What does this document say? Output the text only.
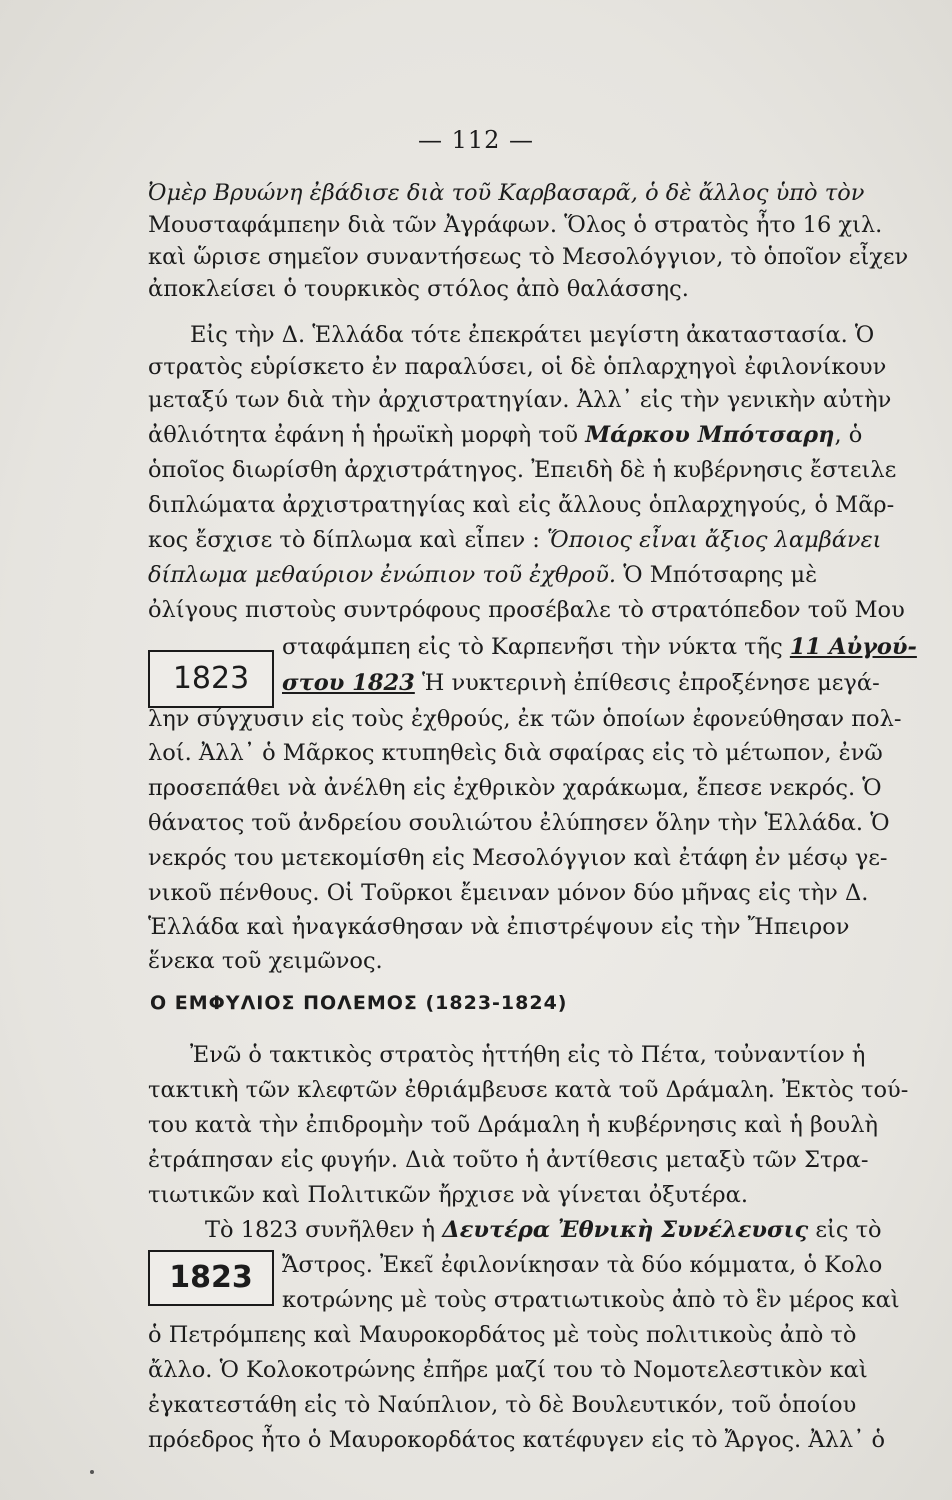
— 112 —
Ὀμὲρ Βρυώνη ἐβάδισε διὰ τοῦ Καρβασαρᾶ, ὁ δὲ ἄλλος ὑπὸ τὸν
Μουσταφάμπεην διὰ τῶν Ἀγράφων. Ὅλος ὁ στρατὸς ἦτο 16 χιλ.
καὶ ὥρισε σημεῖον συναντήσεως τὸ Μεσολόγγιον, τὸ ὁποῖον εἶχεν
ἀποκλείσει ὁ τουρκικὸς στόλος ἀπὸ θαλάσσης.
Εἰς τὴν Δ. Ἑλλάδα τότε ἐπεκράτει μεγίστη ἀκαταστασία. Ὁ
στρατὸς εὑρίσκετο ἐν παραλύσει, οἱ δὲ ὁπλαρχηγοὶ ἐφιλονίκουν
μεταξύ των διὰ τὴν ἀρχιστρατηγίαν. Ἀλλ᾽ εἰς τὴν γενικὴν αὐτὴν
ἀθλιότητα ἐφάνη ἡ ἡρωϊκὴ μορφὴ τοῦ Μάρκου Μπότσαρη, ὁ
ὁποῖος διωρίσθη ἀρχιστράτηγος. Ἐπειδὴ δὲ ἡ κυβέρνησις ἔστειλε
διπλώματα ἀρχιστρατηγίας καὶ εἰς ἄλλους ὁπλαρχηγούς, ὁ Μᾶρ-
κος ἔσχισε τὸ δίπλωμα καὶ εἶπεν : Ὅποιος εἶναι ἄξιος λαμβάνει
δίπλωμα μεθαύριον ἐνώπιον τοῦ ἐχθροῦ. Ὁ Μπότσαρης μὲ
ὀλίγους πιστοὺς συντρόφους προσέβαλε τὸ στρατόπεδον τοῦ Μου
1823
σταφάμπεη εἰς τὸ Καρπενῆσι τὴν νύκτα τῆς 11 Αὐγού-
στου 1823 Ἡ νυκτερινὴ ἐπίθεσις ἐπροξένησε μεγά-
λην σύγχυσιν εἰς τοὺς ἐχθρούς, ἐκ τῶν ὁποίων ἐφονεύθησαν πολ-
λοί. Ἀλλ᾽ ὁ Μᾶρκος κτυπηθεὶς διὰ σφαίρας εἰς τὸ μέτωπον, ἐνῶ
προσεπάθει νὰ ἀνέλθη εἰς ἐχθρικὸν χαράκωμα, ἔπεσε νεκρός. Ὁ
θάνατος τοῦ ἀνδρείου σουλιώτου ἐλύπησεν ὅλην τὴν Ἑλλάδα. Ὁ
νεκρός του μετεκομίσθη εἰς Μεσολόγγιον καὶ ἐτάφη ἐν μέσῳ γε-
νικοῦ πένθους. Οἱ Τοῦρκοι ἔμειναν μόνον δύο μῆνας εἰς τὴν Δ.
Ἑλλάδα καὶ ἠναγκάσθησαν νὰ ἐπιστρέψουν εἰς τὴν Ἤπειρον
ἕνεκα τοῦ χειμῶνος.
Ο ΕΜΦΥΛΙΟΣ ΠΟΛΕΜΟΣ (1823-1824)
Ἐνῶ ὁ τακτικὸς στρατὸς ἡττήθη εἰς τὸ Πέτα, τοὐναντίον ἡ
τακτικὴ τῶν κλεφτῶν ἐθριάμβευσε κατὰ τοῦ Δράμαλη. Ἐκτὸς τού-
του κατὰ τὴν ἐπιδρομὴν τοῦ Δράμαλη ἡ κυβέρνησις καὶ ἡ βουλὴ
ἐτράπησαν εἰς φυγήν. Διὰ τοῦτο ἡ ἀντίθεσις μεταξὺ τῶν Στρα-
τιωτικῶν καὶ Πολιτικῶν ἤρχισε νὰ γίνεται ὀξυτέρα.
Τὸ 1823 συνῆλθεν ἡ Δευτέρα Ἐθνικὴ Συνέλευσις εἰς τὸ
1823	Ἄστρος. Ἐκεῖ ἐφιλονίκησαν τὰ δύο κόμματα, ὁ Κολο
κοτρώνης μὲ τοὺς στρατιωτικοὺς ἀπὸ τὸ ἓν μέρος καὶ
ὁ Πετρόμπεης καὶ Μαυροκορδάτος μὲ τοὺς πολιτικοὺς ἀπὸ τὸ
ἄλλο. Ὁ Κολοκοτρώνης ἐπῆρε μαζί του τὸ Νομοτελεστικὸν καὶ
ἐγκατεστάθη εἰς τὸ Ναύπλιον, τὸ δὲ Βουλευτικόν, τοῦ ὁποίου
πρόεδρος ἦτο ὁ Μαυροκορδάτος κατέφυγεν εἰς τὸ Ἄργος. Ἀλλ᾽ ὁ
